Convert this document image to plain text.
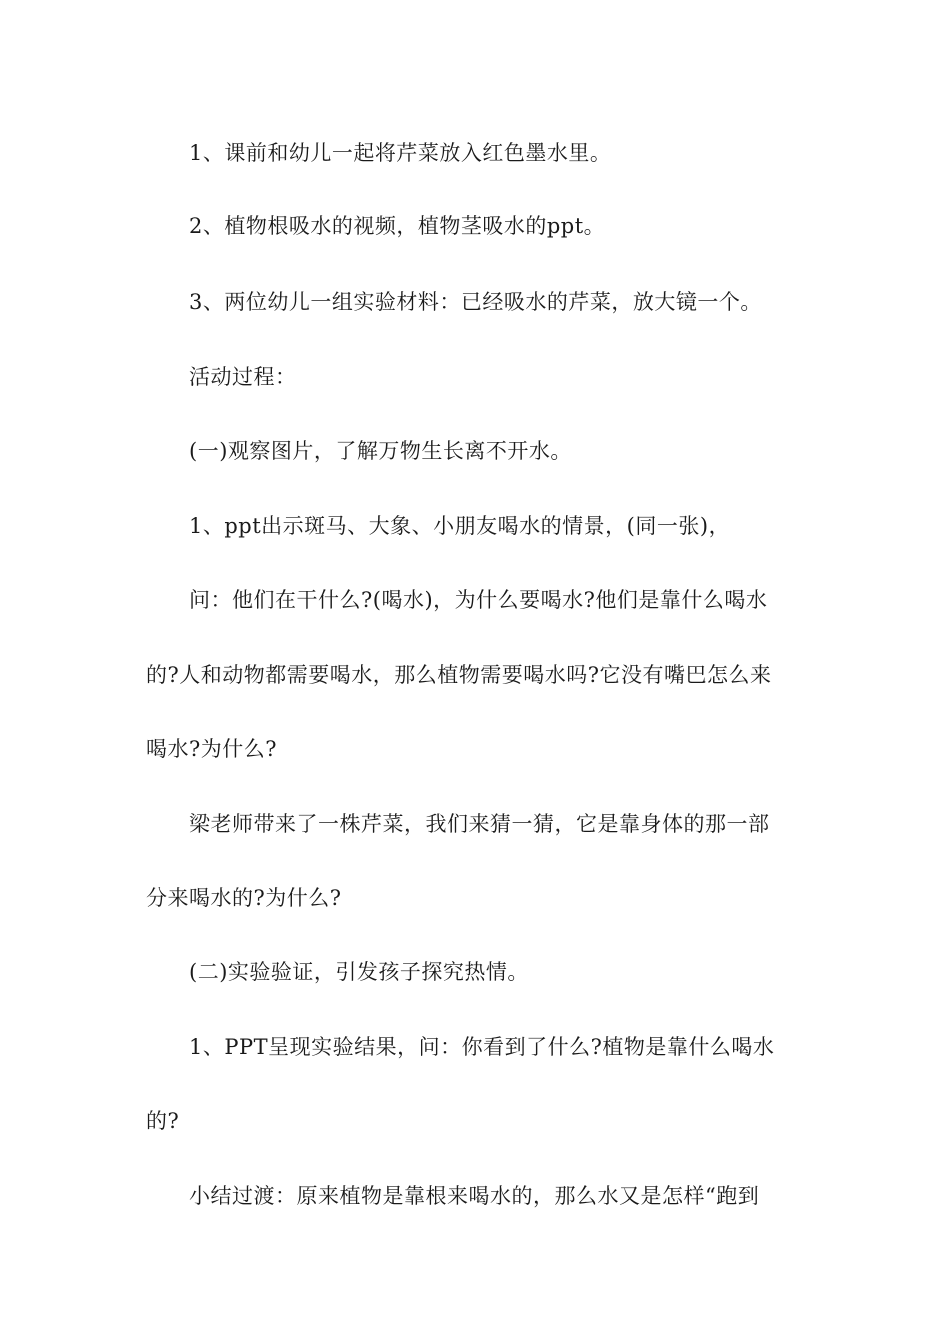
1、课前和幼儿一起将芹菜放入红色墨水里。
2、植物根吸水的视频，植物茎吸水的ppt。
3、两位幼儿一组实验材料：已经吸水的芹菜，放大镜一个。
活动过程：
(一)观察图片，了解万物生长离不开水。
1、ppt出示斑马、大象、小朋友喝水的情景，(同一张)，
问：他们在干什么?(喝水)，为什么要喝水?他们是靠什么喝水
的?人和动物都需要喝水，那么植物需要喝水吗?它没有嘴巴怎么来
喝水?为什么?
梁老师带来了一株芹菜，我们来猜一猜，它是靠身体的那一部
分来喝水的?为什么?
(二)实验验证，引发孩子探究热情。
1、PPT呈现实验结果，问：你看到了什么?植物是靠什么喝水
的?
小结过渡：原来植物是靠根来喝水的，那么水又是怎样“跑到
